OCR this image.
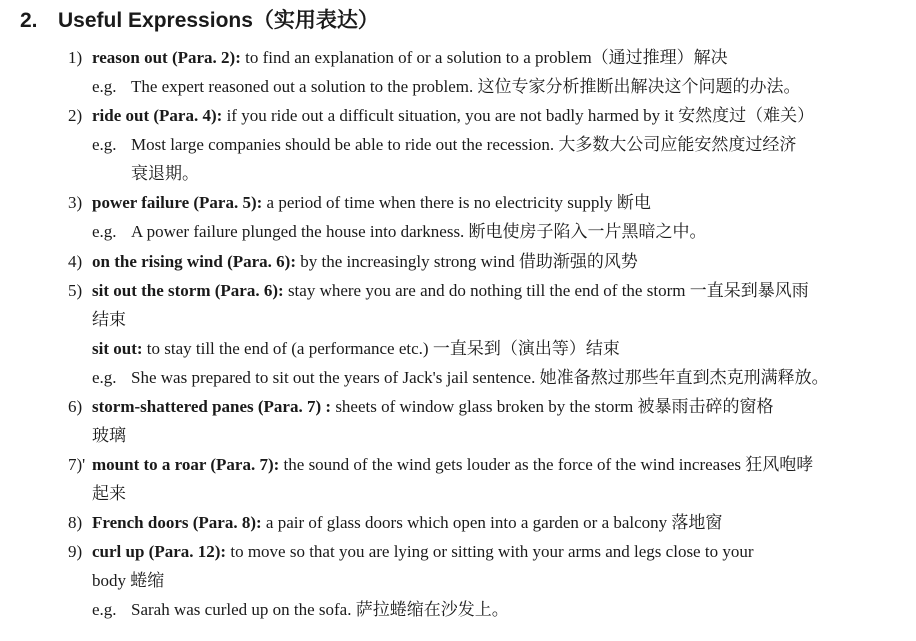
2. Useful Expressions（实用表达）
1) reason out (Para. 2): to find an explanation of or a solution to a problem（通过推理）解决
e.g. The expert reasoned out a solution to the problem. 这位专家分析推断出解决这个问题的办法。
2) ride out (Para. 4): if you ride out a difficult situation, you are not badly harmed by it 安然度过（难关）
e.g. Most large companies should be able to ride out the recession. 大多数大公司应能安然度过经济
衰退期。
3) power failure (Para. 5): a period of time when there is no electricity supply 断电
e.g. A power failure plunged the house into darkness. 断电使房子陷入一片黑暗之中。
4) on the rising wind (Para. 6): by the increasingly strong wind 借助渐强的风势
5) sit out the storm (Para. 6): stay where you are and do nothing till the end of the storm 一直呆到暴风雨
结束
sit out: to stay till the end of (a performance etc.) 一直呆到（演出等）结束
e.g. She was prepared to sit out the years of Jack's jail sentence. 她准备熬过那些年直到杰克刑满释放。
6) storm-shattered panes (Para. 7) : sheets of window glass broken by the storm 被暴雨击碎的窗格
玻璃
7)' mount to a roar (Para. 7): the sound of the wind gets louder as the force of the wind increases 狂风咆哮
起来
8) French doors (Para. 8): a pair of glass doors which open into a garden or a balcony 落地窗
9) curl up (Para. 12): to move so that you are lying or sitting with your arms and legs close to your
body 蜷缩
e.g. Sarah was curled up on the sofa. 萨拉蜷缩在沙发上。
